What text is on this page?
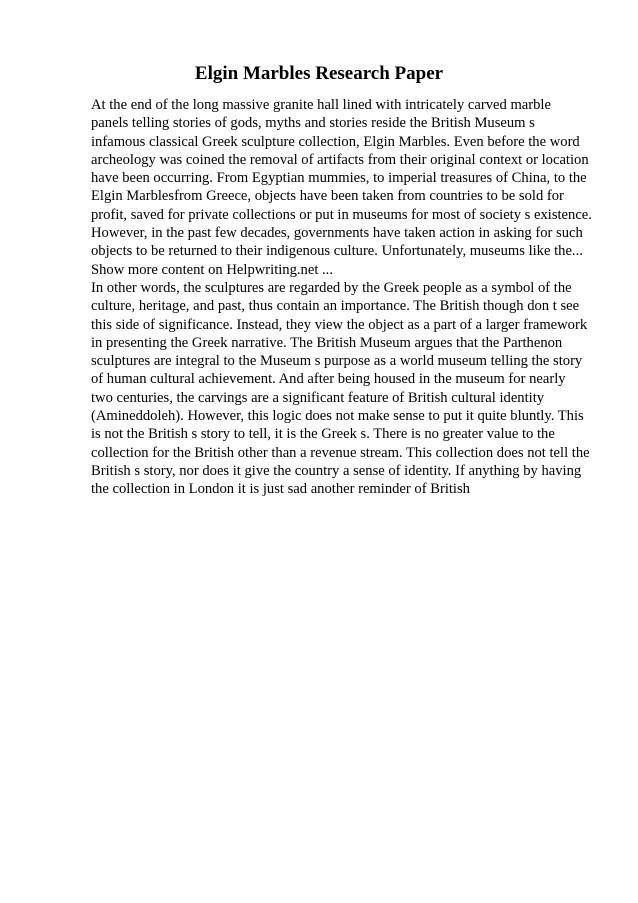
Elgin Marbles Research Paper
At the end of the long massive granite hall lined with intricately carved marble
panels telling stories of gods, myths and stories reside the British Museum s
infamous classical Greek sculpture collection, Elgin Marbles. Even before the word
archeology was coined the removal of artifacts from their original context or location
have been occurring. From Egyptian mummies, to imperial treasures of China, to the
Elgin Marblesfrom Greece, objects have been taken from countries to be sold for
profit, saved for private collections or put in museums for most of society s existence.
However, in the past few decades, governments have taken action in asking for such
objects to be returned to their indigenous culture. Unfortunately, museums like the...
Show more content on Helpwriting.net ...
In other words, the sculptures are regarded by the Greek people as a symbol of the
culture, heritage, and past, thus contain an importance. The British though don t see
this side of significance. Instead, they view the object as a part of a larger framework
in presenting the Greek narrative. The British Museum argues that the Parthenon
sculptures are integral to the Museum s purpose as a world museum telling the story
of human cultural achievement. And after being housed in the museum for nearly
two centuries, the carvings are a significant feature of British cultural identity
(Amineddoleh). However, this logic does not make sense to put it quite bluntly. This
is not the British s story to tell, it is the Greek s. There is no greater value to the
collection for the British other than a revenue stream. This collection does not tell the
British s story, nor does it give the country a sense of identity. If anything by having
the collection in London it is just sad another reminder of British
